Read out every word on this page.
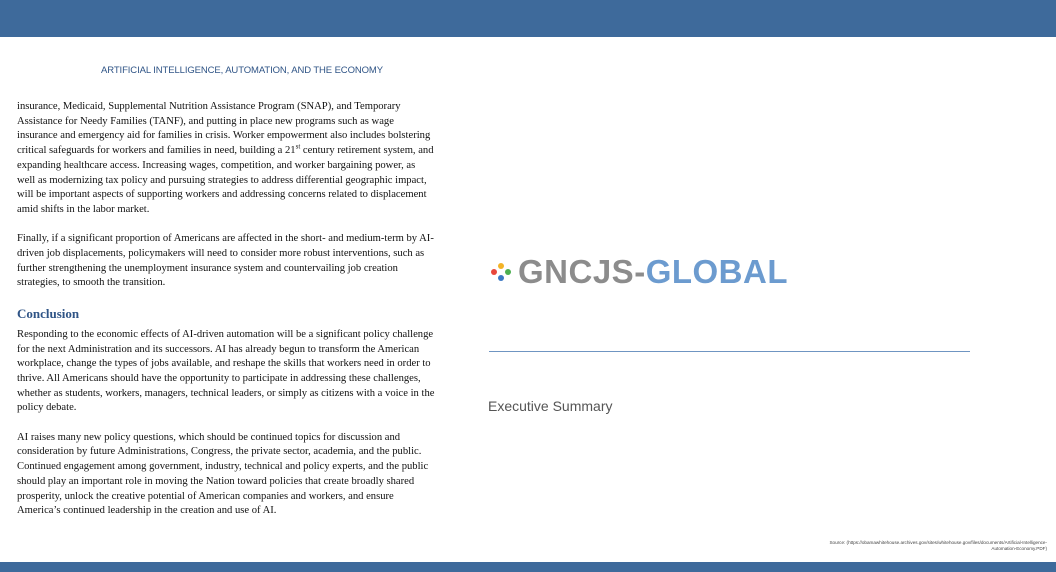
ARTIFICIAL INTELLIGENCE, AUTOMATION, AND THE ECONOMY

insurance, Medicaid, Supplemental Nutrition Assistance Program (SNAP), and Temporary Assistance for Needy Families (TANF), and putting in place new programs such as wage insurance and emergency aid for families in crisis. Worker empowerment also includes bolstering critical safeguards for workers and families in need, building a 21st century retirement system, and expanding healthcare access. Increasing wages, competition, and worker bargaining power, as well as modernizing tax policy and pursuing strategies to address differential geographic impact, will be important aspects of supporting workers and addressing concerns related to displacement amid shifts in the labor market.

Finally, if a significant proportion of Americans are affected in the short- and medium-term by AI-driven job displacements, policymakers will need to consider more robust interventions, such as further strengthening the unemployment insurance system and countervailing job creation strategies, to smooth the transition.

Conclusion

Responding to the economic effects of AI-driven automation will be a significant policy challenge for the next Administration and its successors. AI has already begun to transform the American workplace, change the types of jobs available, and reshape the skills that workers need in order to thrive. All Americans should have the opportunity to participate in addressing these challenges, whether as students, workers, managers, technical leaders, or simply as citizens with a voice in the policy debate.

AI raises many new policy questions, which should be continued topics for discussion and consideration by future Administrations, Congress, the private sector, academia, and the public. Continued engagement among government, industry, technical and policy experts, and the public should play an important role in moving the Nation toward policies that create broadly shared prosperity, unlock the creative potential of American companies and workers, and ensure America’s continued leadership in the creation and use of AI.

GNCJS-GLOBAL
Executive Summary
Source: (https://obamawhitehouse.archives.gov/sites/whitehouse.gov/files/documents/Artificial-Intelligence-Automation-Economy.PDF)
